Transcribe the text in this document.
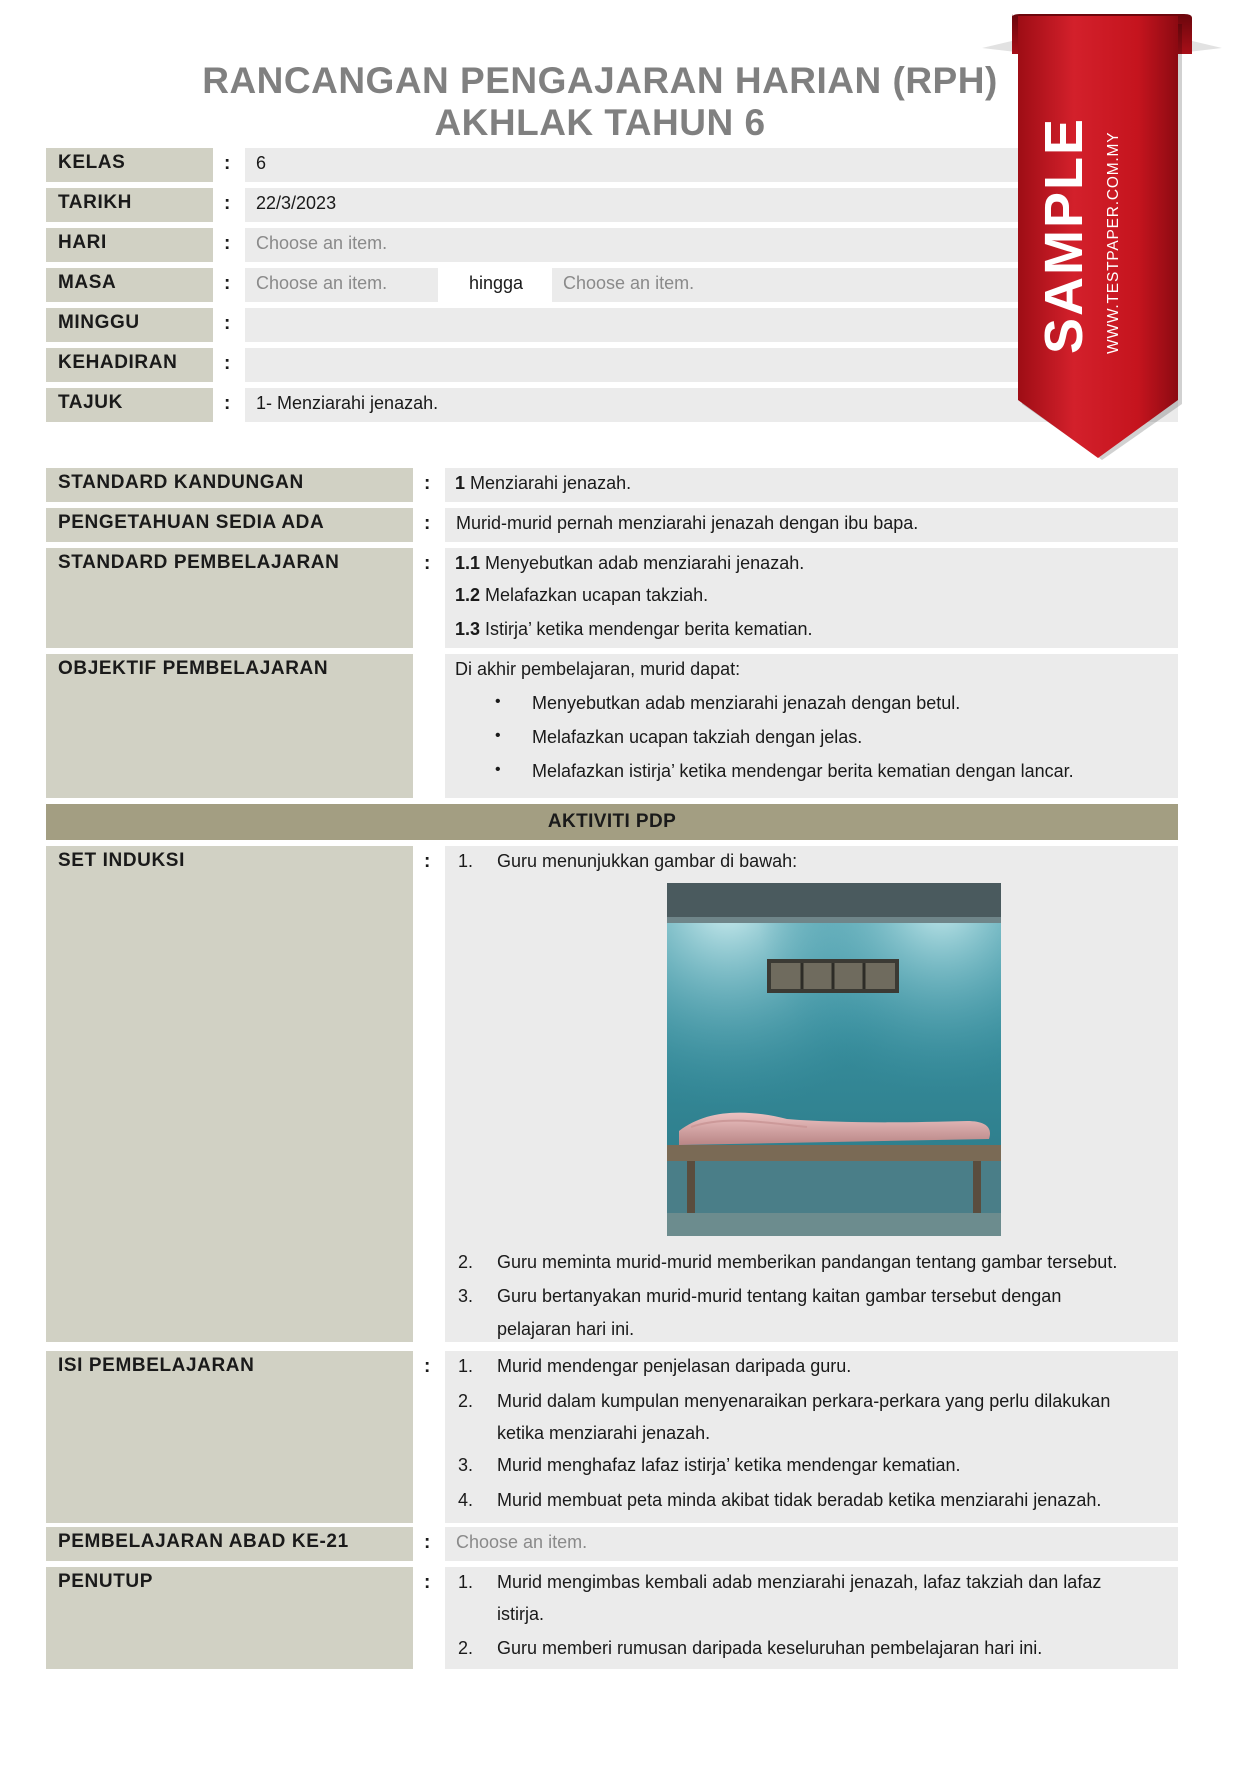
RANCANGAN PENGAJARAN HARIAN (RPH)
AKHLAK TAHUN 6
KELAS	:	6
TARIKH	:	22/3/2023
HARI	:	Choose an item.
MASA	:	Choose an item.	hingga	Choose an item.
MINGGU	:
KEHADIRAN	:
TAJUK	:	1- Menziarahi jenazah.
STANDARD KANDUNGAN	: 1 Menziarahi jenazah.
PENGETAHUAN SEDIA ADA	:	Murid-murid pernah menziarahi jenazah dengan ibu bapa.
STANDARD PEMBELAJARAN	: 1.1 Menyebutkan adab menziarahi jenazah.
1.2 Melafazkan ucapan takziah.
1.3 Istirja’ ketika mendengar berita kematian.
OBJEKTIF PEMBELAJARAN	Di akhir pembelajaran, murid dapat:
• Menyebutkan adab menziarahi jenazah dengan betul.
• Melafazkan ucapan takziah dengan jelas.
• Melafazkan istirja’ ketika mendengar berita kematian dengan lancar.
AKTIVITI PDP
SET INDUKSI	: 1. Guru menunjukkan gambar di bawah:
2. Guru meminta murid-murid memberikan pandangan tentang gambar tersebut.
3. Guru bertanyakan murid-murid tentang kaitan gambar tersebut dengan
pelajaran hari ini.
ISI PEMBELAJARAN	: 1. Murid mendengar penjelasan daripada guru.
2. Murid dalam kumpulan menyenaraikan perkara-perkara yang perlu dilakukan
ketika menziarahi jenazah.
3. Murid menghafaz lafaz istirja’ ketika mendengar kematian.
4. Murid membuat peta minda akibat tidak beradab ketika menziarahi jenazah.
PEMBELAJARAN ABAD KE-21	:	Choose an item.
PENUTUP	: 1. Murid mengimbas kembali adab menziarahi jenazah, lafaz takziah dan lafaz
istirja.
2. Guru memberi rumusan daripada keseluruhan pembelajaran hari ini.
SAMPLE WWW.TESTPAPER.COM.MY
